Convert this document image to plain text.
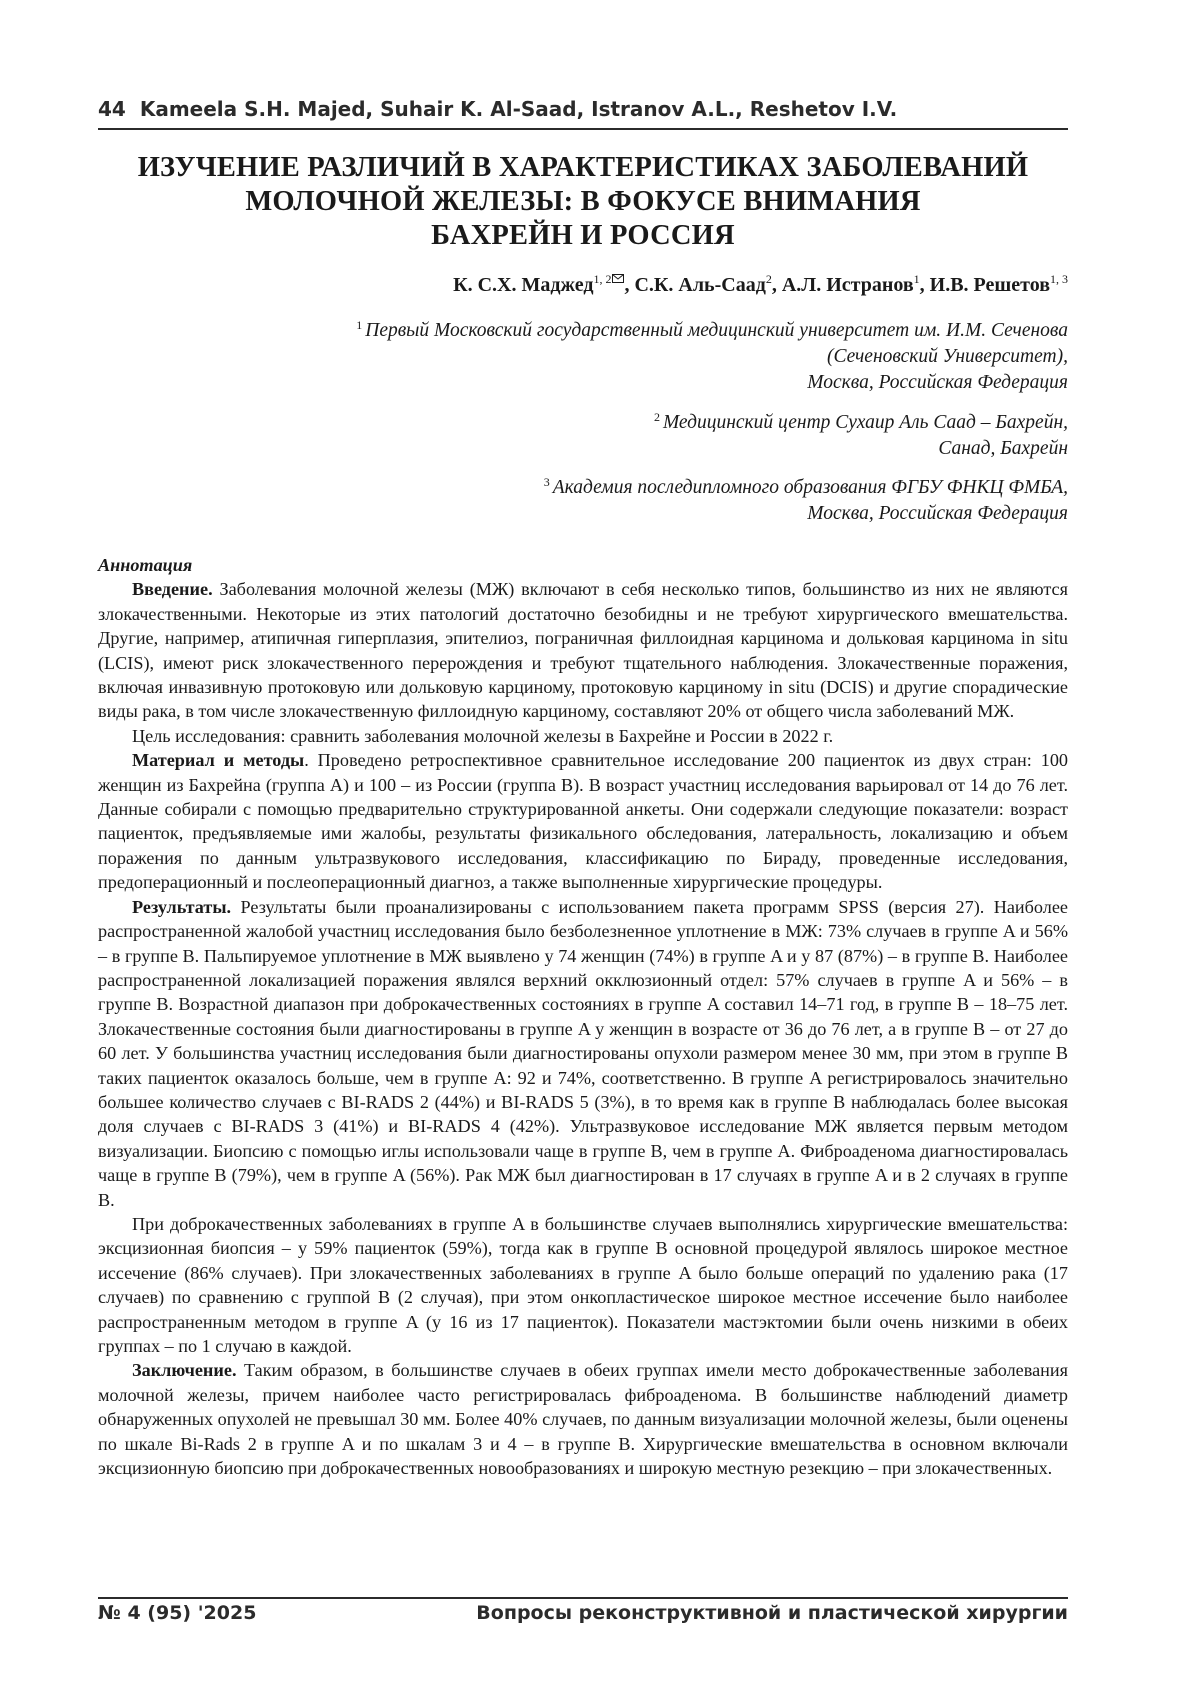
44 Kameela S.H. Majed, Suhair K. Al-Saad, Istranov A.L., Reshetov I.V.
ИЗУЧЕНИЕ РАЗЛИЧИЙ В ХАРАКТЕРИСТИКАХ ЗАБОЛЕВАНИЙ
МОЛОЧНОЙ ЖЕЛЕЗЫ: В ФОКУСЕ ВНИМАНИЯ
БАХРЕЙН И РОССИЯ
К. С.Х. Маджед$^{1, 2}$ , С.К. Аль-Саад$^2$, А.Л. Истранов$^1$, И.В. Решетов$^{1, 3}$
$^1$ Первый Московский государственный медицинский университет им. И.М. Сеченова
(Сеченовский Университет),
Москва, Российская Федерация
$^2$ Медицинский центр Сухаир Аль Саад – Бахрейн,
Санад, Бахрейн
$^3$ Академия последипломного образования ФГБУ ФНКЦ ФМБА,
Москва, Российская Федерация

Аннотация

Введение. Заболевания молочной железы (МЖ) включают в себя несколько типов, большинство из них не являются злокачественными. Некоторые из этих патологий достаточно безобидны и не требуют хирургического вмешательства. Другие, например, атипичная гиперплазия, эпителиоз, пограничная филлоидная карцинома и дольковая карцинома in situ (LCIS), имеют риск злокачественного перерождения и требуют тщательного наблюдения. Злокачественные поражения, включая инвазивную протоковую или дольковую карциному, протоковую карциному in situ (DCIS) и другие спорадические виды рака, в том числе злокачественную филлоидную карциному, составляют 20% от общего числа заболеваний МЖ.

Цель исследования: сравнить заболевания молочной железы в Бахрейне и России в 2022 г.

Материал и методы. Проведено ретроспективное сравнительное исследование 200 пациенток из двух стран: 100 женщин из Бахрейна (группа A) и 100 – из России (группа B). В возраст участниц исследования варьировал от 14 до 76 лет. Данные собирали с помощью предварительно структурированной анкеты. Они содержали следующие показатели: возраст пациенток, предъявляемые ими жалобы, результаты физикального обследования, латеральность, локализацию и объем поражения по данным ультразвукового исследования, классификацию по Бираду, проведенные исследования, предоперационный и послеоперационный диагноз, а также выполненные хирургические процедуры.

Результаты. Результаты были проанализированы с использованием пакета программ SPSS (версия 27). Наиболее распространенной жалобой участниц исследования было безболезненное уплотнение в МЖ: 73% случаев в группе A и 56% – в группе B. Пальпируемое уплотнение в МЖ выявлено у 74 женщин (74%) в группе A и у 87 (87%) – в группе B. Наиболее распространенной локализацией поражения являлся верхний окклюзионный отдел: 57% случаев в группе A и 56% – в группе B. Возрастной диапазон при доброкачественных состояниях в группе A составил 14–71 год, в группе B – 18–75 лет. Злокачественные состояния были диагностированы в группе A у женщин в возрасте от 36 до 76 лет, а в группе B – от 27 до 60 лет. У большинства участниц исследования были диагностированы опухоли размером менее 30 мм, при этом в группе B таких пациенток оказалось больше, чем в группе A: 92 и 74%, соответственно. В группе A регистрировалось значительно большее количество случаев с BI-RADS 2 (44%) и BI-RADS 5 (3%), в то время как в группе B наблюдалась более высокая доля случаев с BI-RADS 3 (41%) и BI-RADS 4 (42%). Ультразвуковое исследование МЖ является первым методом визуализации. Биопсию с помощью иглы использовали чаще в группе B, чем в группе A. Фиброаденома диагностировалась чаще в группе B (79%), чем в группе A (56%). Рак МЖ был диагностирован в 17 случаях в группе A и в 2 случаях в группе B.

При доброкачественных заболеваниях в группе A в большинстве случаев выполнялись хирургические вмешательства: эксцизионная биопсия – у 59% пациенток (59%), тогда как в группе B основной процедурой являлось широкое местное иссечение (86% случаев). При злокачественных заболеваниях в группе A было больше операций по удалению рака (17 случаев) по сравнению с группой B (2 случая), при этом онкопластическое широкое местное иссечение было наиболее распространенным методом в группе A (у 16 из 17 пациенток). Показатели мастэктомии были очень низкими в обеих группах – по 1 случаю в каждой.

Заключение. Таким образом, в большинстве случаев в обеих группах имели место доброкачественные заболевания молочной железы, причем наиболее часто регистрировалась фиброаденома. В большинстве наблюдений диаметр обнаруженных опухолей не превышал 30 мм. Более 40% случаев, по данным визуализации молочной железы, были оценены по шкале Bi-Rads 2 в группе A и по шкалам 3 и 4 – в группе B. Хирургические вмешательства в основном включали эксцизионную биопсию при доброкачественных новообразованиях и широкую местную резекцию – при злокачественных.

№ 4 (95) '2025	Вопросы реконструктивной и пластической хирургии
